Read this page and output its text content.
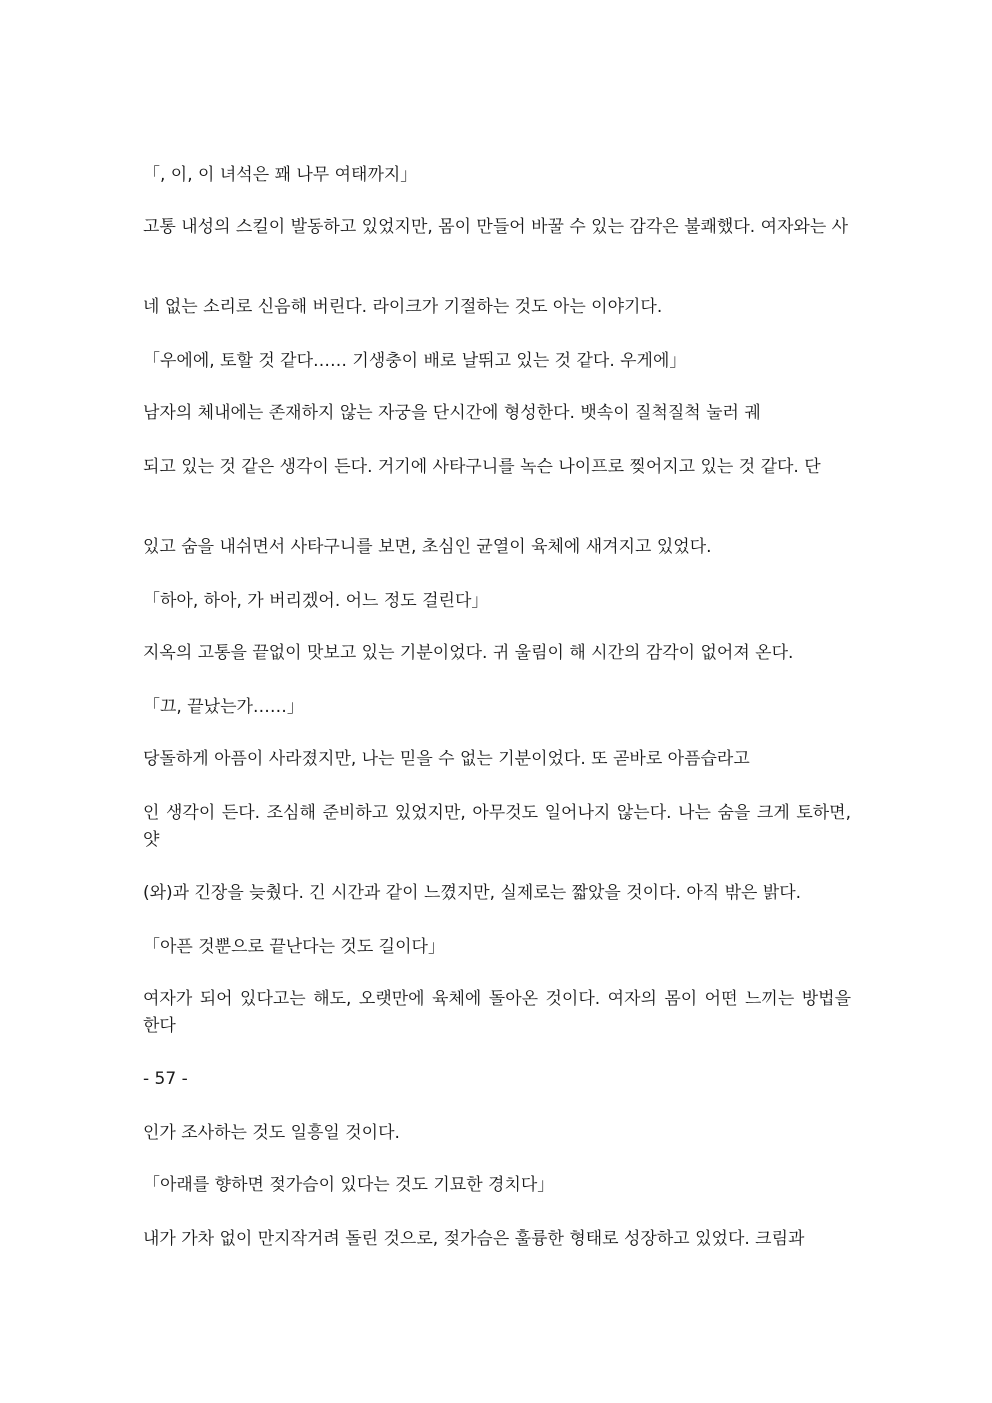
「, 이, 이 녀석은 꽤 나무 여태까지」

고통 내성의 스킬이 발동하고 있었지만, 몸이 만들어 바꿀 수 있는 감각은 불쾌했다. 여자와는 사

네 없는 소리로 신음해 버린다. 라이크가 기절하는 것도 아는 이야기다.

「우에에, 토할 것 같다…… 기생충이 배로 날뛰고 있는 것 같다. 우게에」

남자의 체내에는 존재하지 않는 자궁을 단시간에 형성한다. 뱃속이 질척질척 눌러 궤

되고 있는 것 같은 생각이 든다. 거기에 사타구니를 녹슨 나이프로 찢어지고 있는 것 같다. 단

있고 숨을 내쉬면서 사타구니를 보면, 초심인 균열이 육체에 새겨지고 있었다.

「하아, 하아, 가 버리겠어. 어느 정도 걸린다」

지옥의 고통을 끝없이 맛보고 있는 기분이었다. 귀 울림이 해 시간의 감각이 없어져 온다.

「끄, 끝났는가……」

당돌하게 아픔이 사라졌지만, 나는 믿을 수 없는 기분이었다. 또 곧바로 아픔습라고

인 생각이 든다. 조심해 준비하고 있었지만, 아무것도 일어나지 않는다. 나는 숨을 크게 토하면, 얏

(와)과 긴장을 늦췄다. 긴 시간과 같이 느꼈지만, 실제로는 짧았을 것이다. 아직 밖은 밝다.

「아픈 것뿐으로 끝난다는 것도 길이다」

여자가 되어 있다고는 해도, 오랫만에 육체에 돌아온 것이다. 여자의 몸이 어떤 느끼는 방법을 한다

- 57 -

인가 조사하는 것도 일흥일 것이다.

「아래를 향하면 젖가슴이 있다는 것도 기묘한 경치다」

내가 가차 없이 만지작거려 돌린 것으로, 젖가슴은 훌륭한 형태로 성장하고 있었다. 크림과
